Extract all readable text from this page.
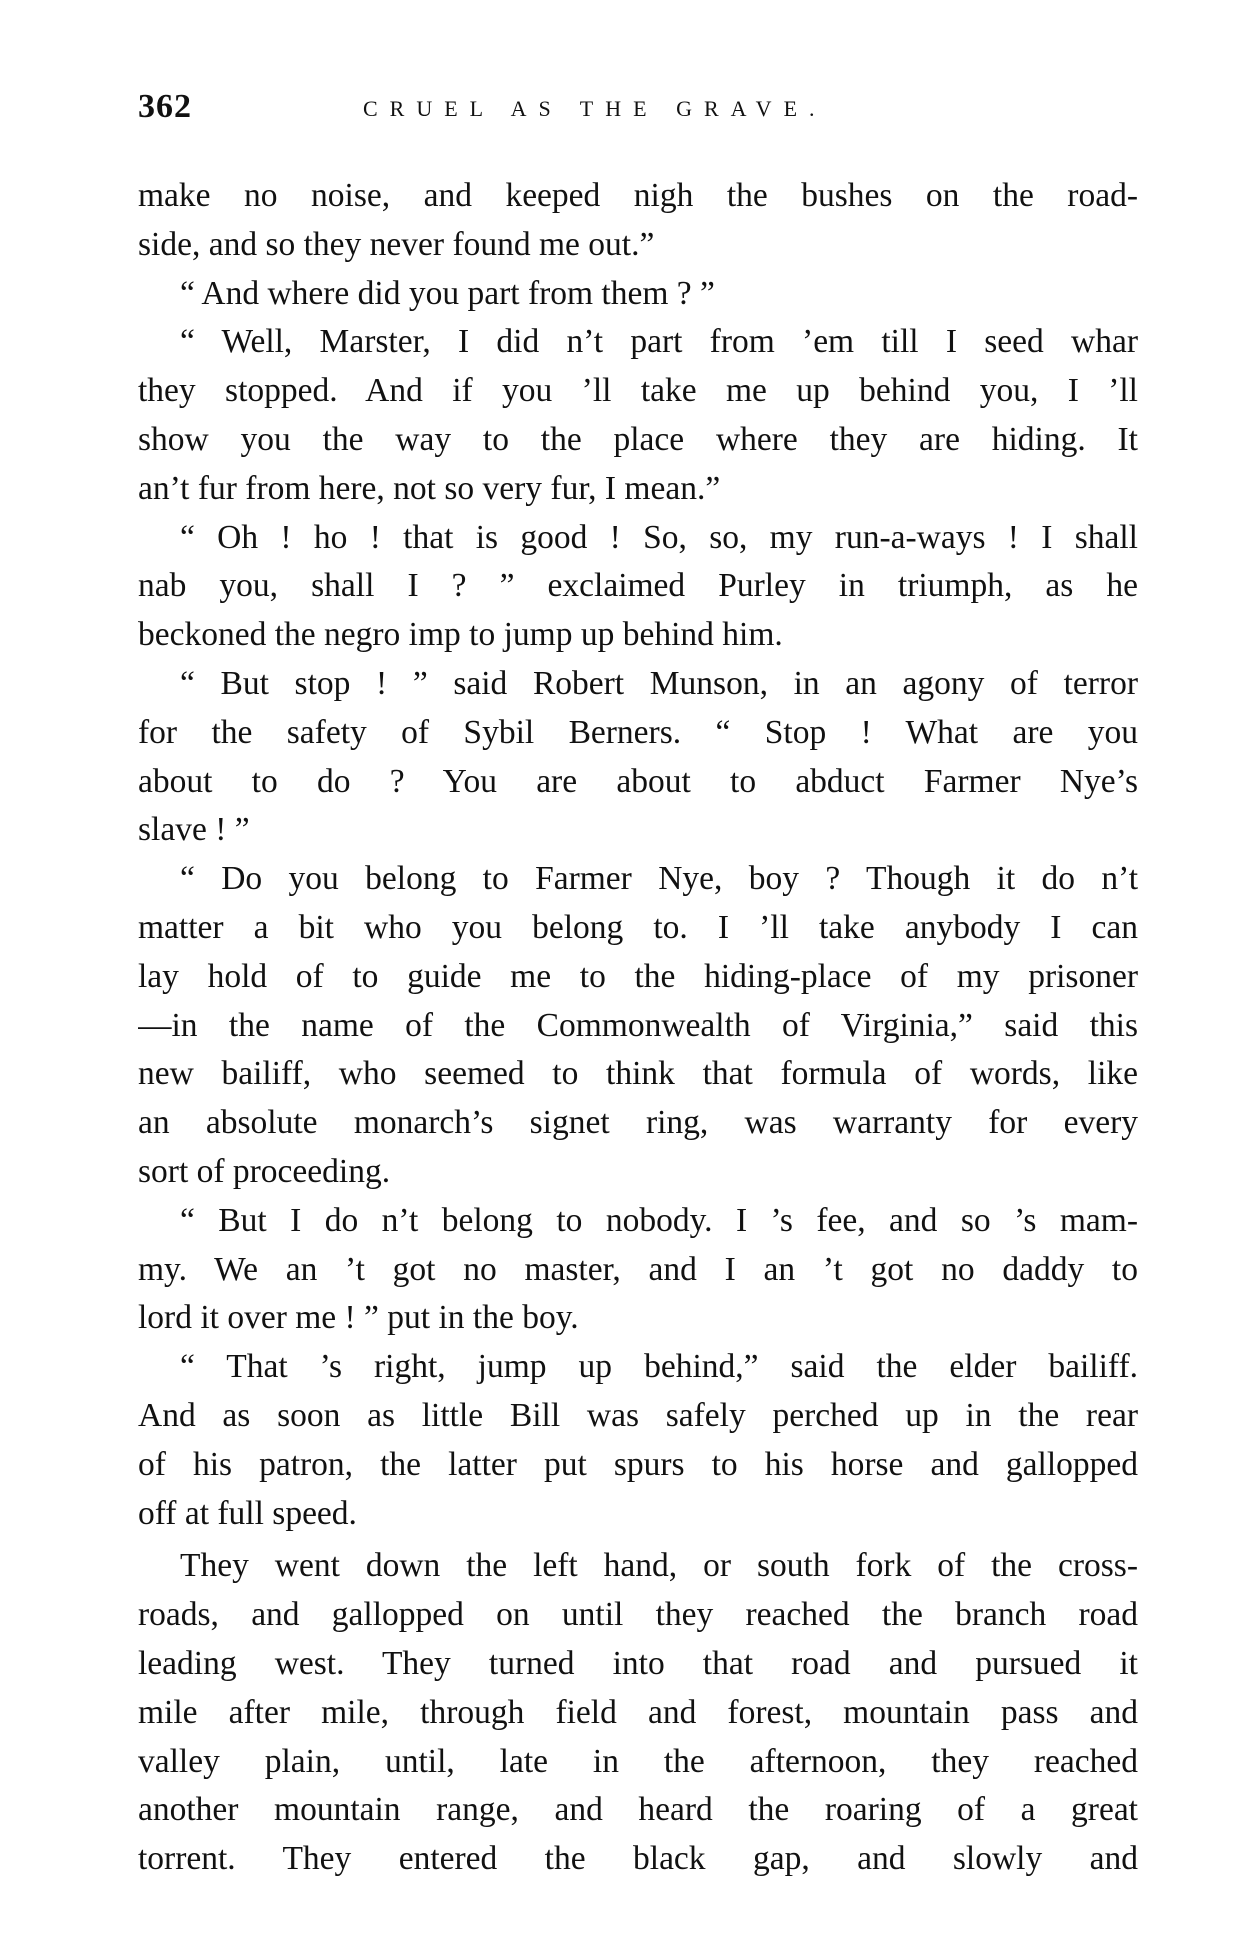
362	CRUEL AS THE GRAVE.
make no noise, and keeped nigh the bushes on the road-
side, and so they never found me out.”
“ And where did you part from them ? ”
“ Well, Marster, I did n’t part from ’em till I seed whar
they stopped. And if you ’ll take me up behind you, I ’ll
show you the way to the place where they are hiding. It
an’t fur from here, not so very fur, I mean.”
“ Oh ! ho ! that is good ! So, so, my run-a-ways ! I shall
nab you, shall I ? ” exclaimed Purley in triumph, as he
beckoned the negro imp to jump up behind him.
“ But stop ! ” said Robert Munson, in an agony of terror
for the safety of Sybil Berners. “ Stop ! What are you
about to do ? You are about to abduct Farmer Nye’s
slave ! ”
“ Do you belong to Farmer Nye, boy ? Though it do n’t
matter a bit who you belong to. I ’ll take anybody I can
lay hold of to guide me to the hiding-place of my prisoner
—in the name of the Commonwealth of Virginia,” said this
new bailiff, who seemed to think that formula of words, like
an absolute monarch’s signet ring, was warranty for every
sort of proceeding.
“ But I do n’t belong to nobody. I ’s fee, and so ’s mam-
my. We an ’t got no master, and I an ’t got no daddy to
lord it over me ! ” put in the boy.
“ That ’s right, jump up behind,” said the elder bailiff.
And as soon as little Bill was safely perched up in the rear
of his patron, the latter put spurs to his horse and gallopped
off at full speed.
They went down the left hand, or south fork of the cross-
roads, and gallopped on until they reached the branch road
leading west. They turned into that road and pursued it
mile after mile, through field and forest, mountain pass and
valley plain, until, late in the afternoon, they reached
another mountain range, and heard the roaring of a great
torrent. They entered the black gap, and slowly and
